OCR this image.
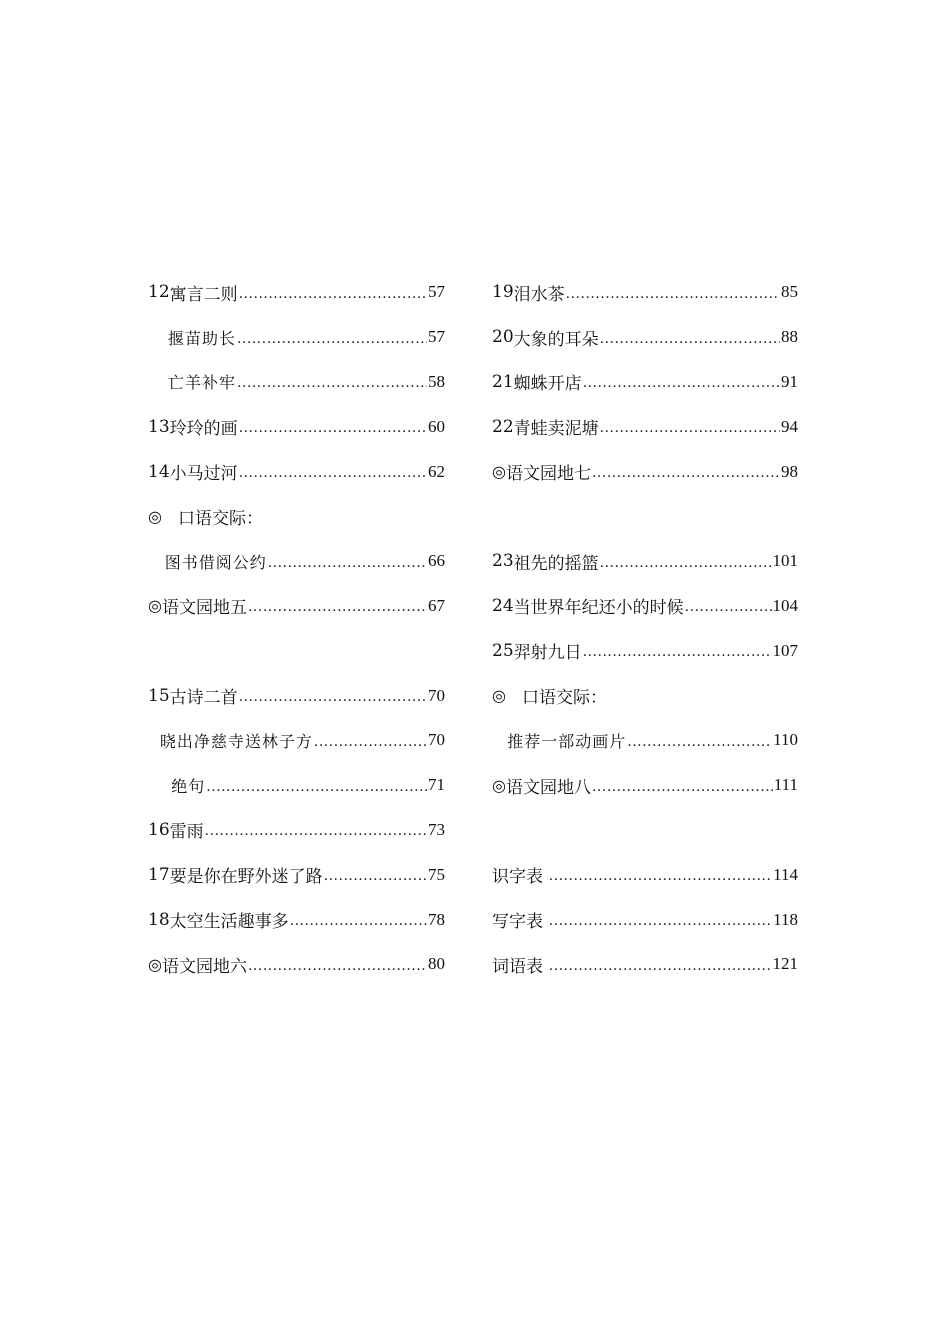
12 寓言二则 ·····	57
揠苗助长 ·····	57
亡羊补牢 ·····	58
13 玲玲的画 ·····	60
14 小马过河 ·····	62
◎ 口语交际：
图书借阅公约 ·····	66
◎ 语文园地五 ·····	67
15 古诗二首 ·····	70
晓出净慈寺送林子方 ·····	70
绝句 ·····	71
16 雷雨 ·····	73
17 要是你在野外迷了路 ·····	75
18 太空生活趣事多 ·····	78
◎ 语文园地六 ·····	80
19 泪水茶 ·····	85
20 大象的耳朵 ·····	88
21 蜘蛛开店 ·····	91
22 青蛙卖泥塘 ·····	94
◎ 语文园地七 ·····	98
23 祖先的摇篮 ·····	101
24 当世界年纪还小的时候 ·····	104
25 羿射九日 ·····	107
◎ 口语交际：
推荐一部动画片 ·····	110
◎ 语文园地八 ·····	111
识字表 ·····	114
写字表 ·····	118
词语表 ·····	121
